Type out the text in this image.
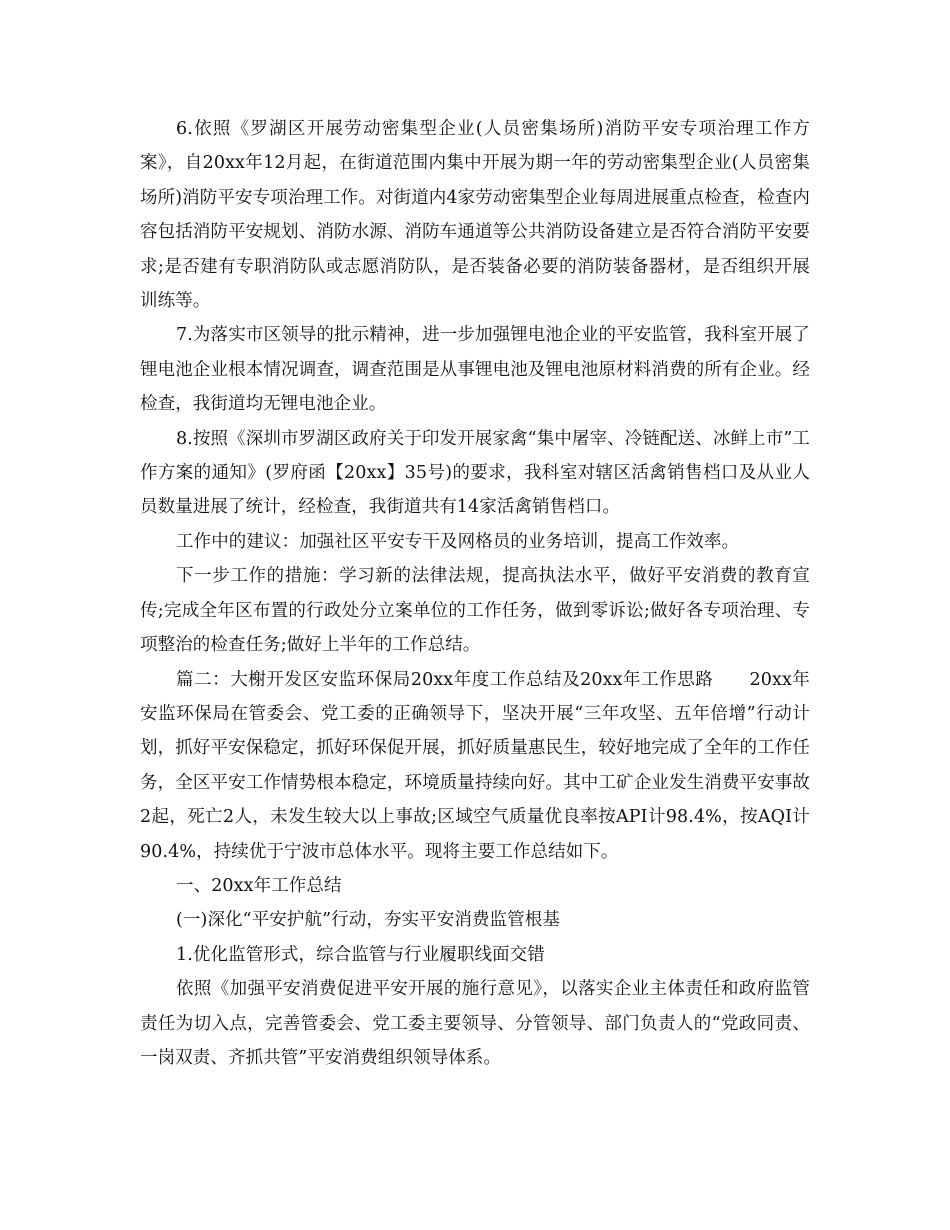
6.依照《罗湖区开展劳动密集型企业(人员密集场所)消防平安专项治理工作方案》，自20xx年12月起，在街道范围内集中开展为期一年的劳动密集型企业(人员密集场所)消防平安专项治理工作。对街道内4家劳动密集型企业每周进展重点检查，检查内容包括消防平安规划、消防水源、消防车通道等公共消防设备建立是否符合消防平安要求;是否建有专职消防队或志愿消防队，是否装备必要的消防装备器材，是否组织开展训练等。

7.为落实市区领导的批示精神，进一步加强锂电池企业的平安监管，我科室开展了锂电池企业根本情况调查，调查范围是从事锂电池及锂电池原材料消费的所有企业。经检查，我街道均无锂电池企业。

8.按照《深圳市罗湖区政府关于印发开展家禽“集中屠宰、冷链配送、冰鲜上市”工作方案的通知》(罗府函【20xx】35号)的要求，我科室对辖区活禽销售档口及从业人员数量进展了统计，经检查，我街道共有14家活禽销售档口。

工作中的建议：加强社区平安专干及网格员的业务培训，提高工作效率。

下一步工作的措施：学习新的法律法规，提高执法水平，做好平安消费的教育宣传;完成全年区布置的行政处分立案单位的工作任务，做到零诉讼;做好各专项治理、专项整治的检查任务;做好上半年的工作总结。

篇二：大榭开发区安监环保局20xx年度工作总结及20xx年工作思路　　20xx年安监环保局在管委会、党工委的正确领导下，坚决开展“三年攻坚、五年倍增”行动计划，抓好平安保稳定，抓好环保促开展，抓好质量惠民生，较好地完成了全年的工作任务，全区平安工作情势根本稳定，环境质量持续向好。其中工矿企业发生消费平安事故2起，死亡2人，未发生较大以上事故;区域空气质量优良率按API计98.4%，按AQI计90.4%，持续优于宁波市总体水平。现将主要工作总结如下。

一、20xx年工作总结

(一)深化“平安护航”行动，夯实平安消费监管根基

1.优化监管形式，综合监管与行业履职线面交错

依照《加强平安消费促进平安开展的施行意见》，以落实企业主体责任和政府监管责任为切入点，完善管委会、党工委主要领导、分管领导、部门负责人的“党政同责、一岗双责、齐抓共管”平安消费组织领导体系。
